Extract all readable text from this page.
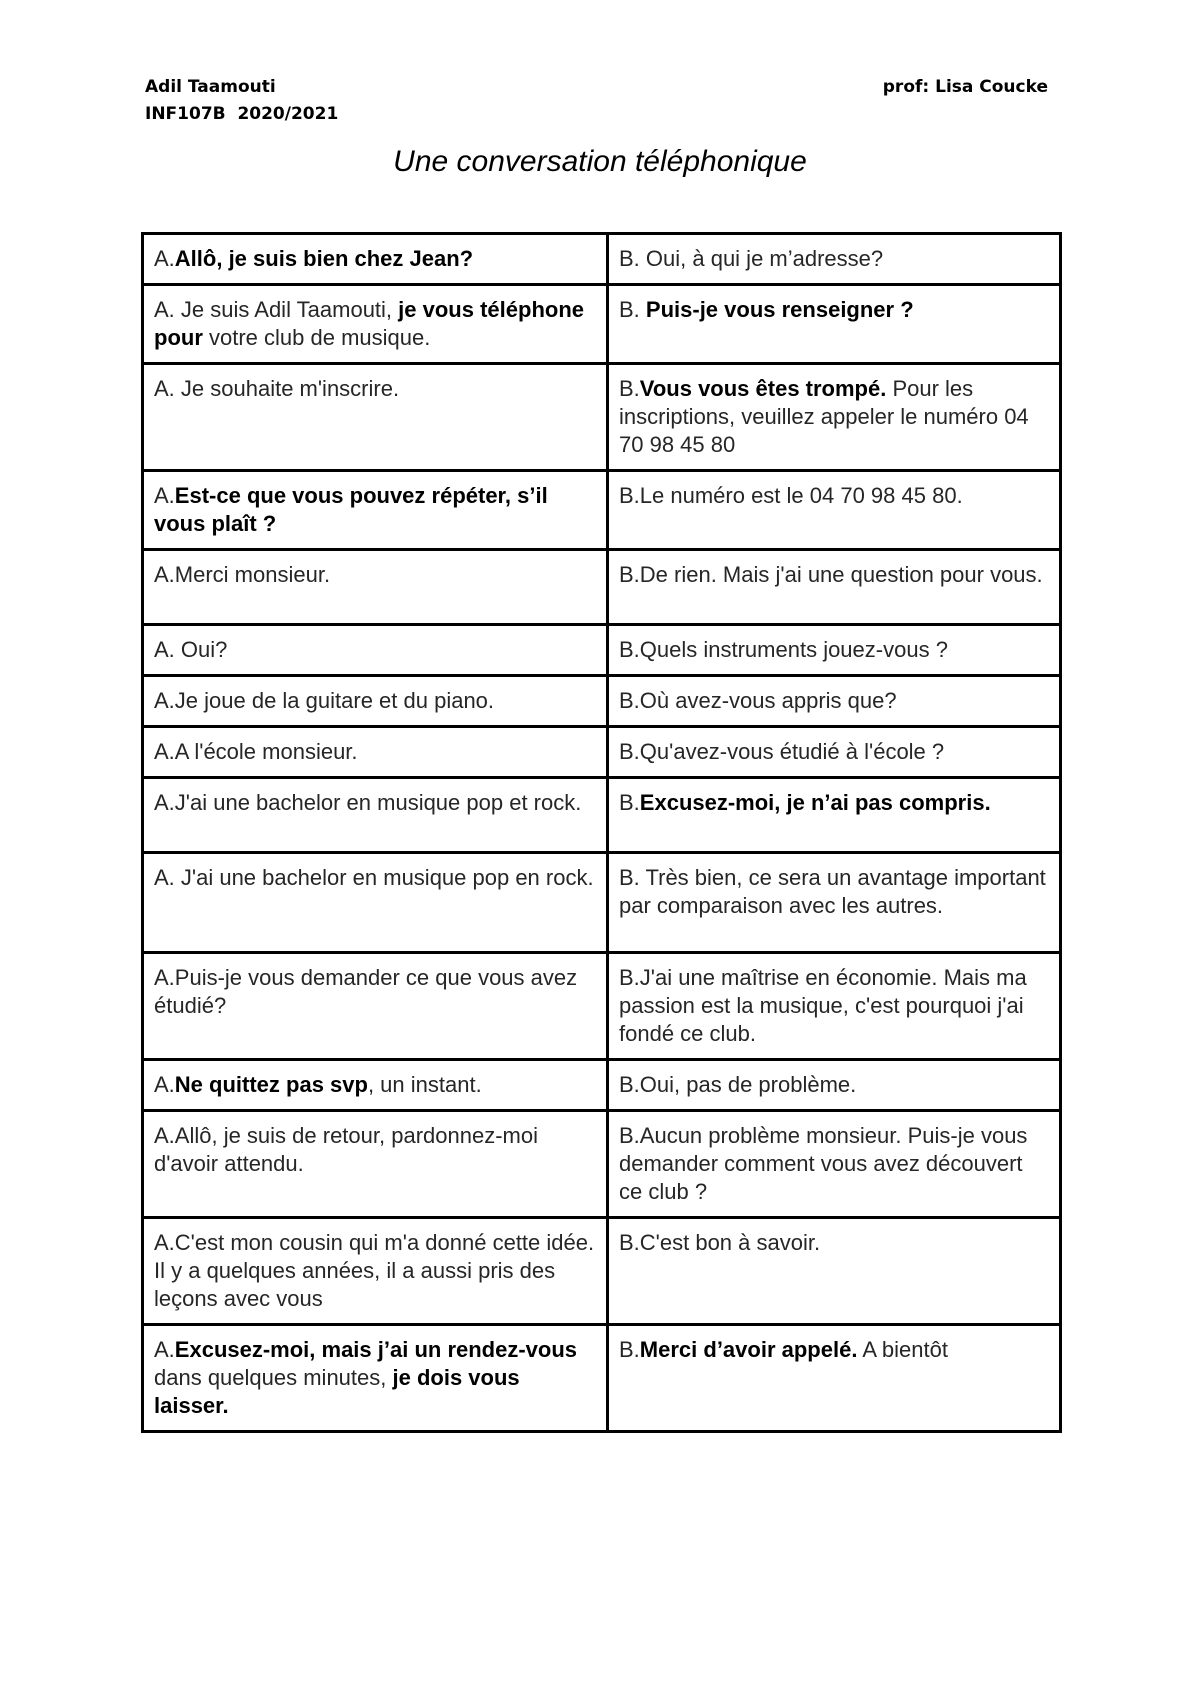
Adil Taamouti
INF107B  2020/2021
prof: Lisa Coucke
Une conversation téléphonique
A.Allô, je suis bien chez Jean?	B. Oui, à qui je m’adresse?
A. Je suis Adil Taamouti, je vous téléphone pour votre club de musique.	B. Puis-je vous renseigner ?
A. Je souhaite m'inscrire.	B.Vous vous êtes trompé. Pour les inscriptions, veuillez appeler le numéro 04 70 98 45 80
A.Est-ce que vous pouvez répéter, s’il vous plaît ?	B.Le numéro est le 04 70 98 45 80.
A.Merci monsieur.	B.De rien. Mais j'ai une question pour vous.
A. Oui?	B.Quels instruments jouez-vous ?
A.Je joue de la guitare et du piano.	B.Où avez-vous appris que?
A.A l'école monsieur.	B.Qu'avez-vous étudié à l'école ?
A.J'ai une bachelor en musique pop et rock.	B.Excusez-moi, je n’ai pas compris.
A. J'ai une bachelor en musique pop en rock.	B. Très bien, ce sera un avantage important par comparaison avec les autres.
A.Puis-je vous demander ce que vous avez étudié?	B.J'ai une maîtrise en économie. Mais ma passion est la musique, c'est pourquoi j'ai fondé ce club.
A.Ne quittez pas svp, un instant.	B.Oui, pas de problème.
A.Allô, je suis de retour, pardonnez-moi d'avoir attendu.	B.Aucun problème monsieur. Puis-je vous demander comment vous avez découvert ce club ?
A.C'est mon cousin qui m'a donné cette idée. Il y a quelques années, il a aussi pris des leçons avec vous	B.C'est bon à savoir.
A.Excusez-moi, mais j’ai un rendez-vous dans quelques minutes, je dois vous laisser.	B.Merci d’avoir appelé. A bientôt
